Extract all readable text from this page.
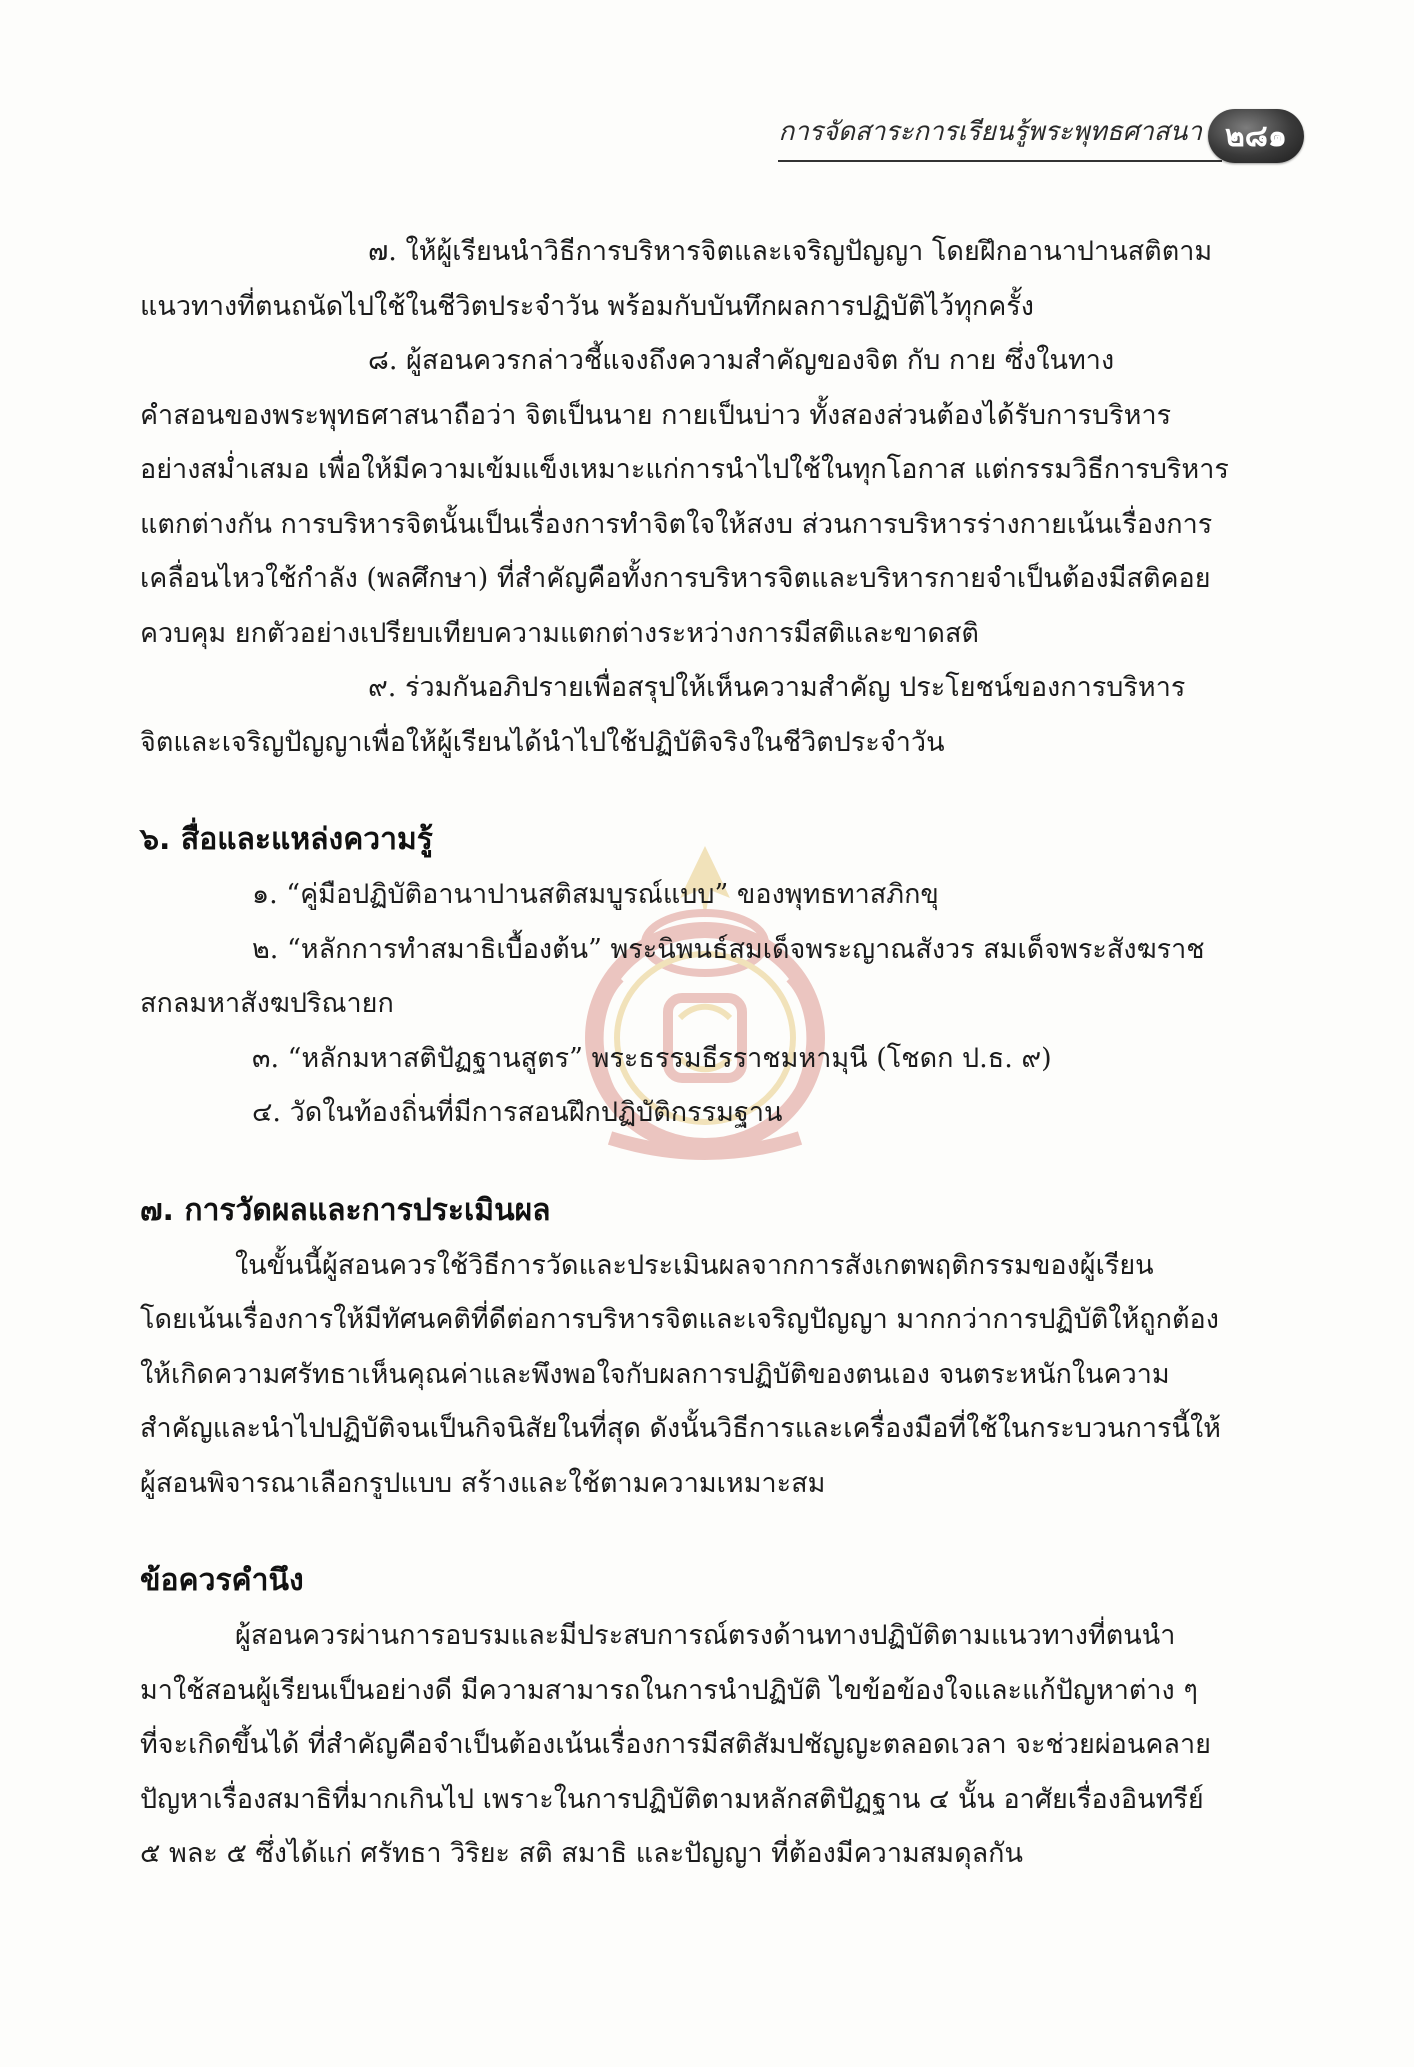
การจัดสาระการเรียนรู้พระพุทธศาสนา ๒๘๑

๗. ให้ผู้เรียนนำวิธีการบริหารจิตและเจริญปัญญา โดยฝึกอานาปานสติตาม

แนวทางที่ตนถนัดไปใช้ในชีวิตประจำวัน พร้อมกับบันทึกผลการปฏิบัติไว้ทุกครั้ง

๘. ผู้สอนควรกล่าวชี้แจงถึงความสำคัญของจิต กับ กาย ซึ่งในทาง

คำสอนของพระพุทธศาสนาถือว่า จิตเป็นนาย กายเป็นบ่าว ทั้งสองส่วนต้องได้รับการบริหาร

อย่างสม่ำเสมอ เพื่อให้มีความเข้มแข็งเหมาะแก่การนำไปใช้ในทุกโอกาส แต่กรรมวิธีการบริหาร

แตกต่างกัน การบริหารจิตนั้นเป็นเรื่องการทำจิตใจให้สงบ ส่วนการบริหารร่างกายเน้นเรื่องการ

เคลื่อนไหวใช้กำลัง (พลศึกษา) ที่สำคัญคือทั้งการบริหารจิตและบริหารกายจำเป็นต้องมีสติคอย

ควบคุม ยกตัวอย่างเปรียบเทียบความแตกต่างระหว่างการมีสติและขาดสติ

๙. ร่วมกันอภิปรายเพื่อสรุปให้เห็นความสำคัญ ประโยชน์ของการบริหาร

จิตและเจริญปัญญาเพื่อให้ผู้เรียนได้นำไปใช้ปฏิบัติจริงในชีวิตประจำวัน

๖. สื่อและแหล่งความรู้

๑. “คู่มือปฏิบัติอานาปานสติสมบูรณ์แบบ” ของพุทธทาสภิกขุ

๒. “หลักการทำสมาธิเบื้องต้น” พระนิพนธ์สมเด็จพระญาณสังวร สมเด็จพระสังฆราช

สกลมหาสังฆปริณายก

๓. “หลักมหาสติปัฏฐานสูตร” พระธรรมธีรราชมหามุนี (โชดก ป.ธ. ๙)

๔. วัดในท้องถิ่นที่มีการสอนฝึกปฏิบัติกรรมฐาน

๗. การวัดผลและการประเมินผล

ในขั้นนี้ผู้สอนควรใช้วิธีการวัดและประเมินผลจากการสังเกตพฤติกรรมของผู้เรียน

โดยเน้นเรื่องการให้มีทัศนคติที่ดีต่อการบริหารจิตและเจริญปัญญา มากกว่าการปฏิบัติให้ถูกต้อง

ให้เกิดความศรัทธาเห็นคุณค่าและพึงพอใจกับผลการปฏิบัติของตนเอง จนตระหนักในความ

สำคัญและนำไปปฏิบัติจนเป็นกิจนิสัยในที่สุด ดังนั้นวิธีการและเครื่องมือที่ใช้ในกระบวนการนี้ให้

ผู้สอนพิจารณาเลือกรูปแบบ สร้างและใช้ตามความเหมาะสม

ข้อควรคำนึง

ผู้สอนควรผ่านการอบรมและมีประสบการณ์ตรงด้านทางปฏิบัติตามแนวทางที่ตนนำ

มาใช้สอนผู้เรียนเป็นอย่างดี มีความสามารถในการนำปฏิบัติ ไขข้อข้องใจและแก้ปัญหาต่าง ๆ

ที่จะเกิดขึ้นได้ ที่สำคัญคือจำเป็นต้องเน้นเรื่องการมีสติสัมปชัญญะตลอดเวลา จะช่วยผ่อนคลาย

ปัญหาเรื่องสมาธิที่มากเกินไป เพราะในการปฏิบัติตามหลักสติปัฏฐาน ๔ นั้น อาศัยเรื่องอินทรีย์

๕ พละ ๕ ซึ่งได้แก่ ศรัทธา วิริยะ สติ สมาธิ และปัญญา ที่ต้องมีความสมดุลกัน
